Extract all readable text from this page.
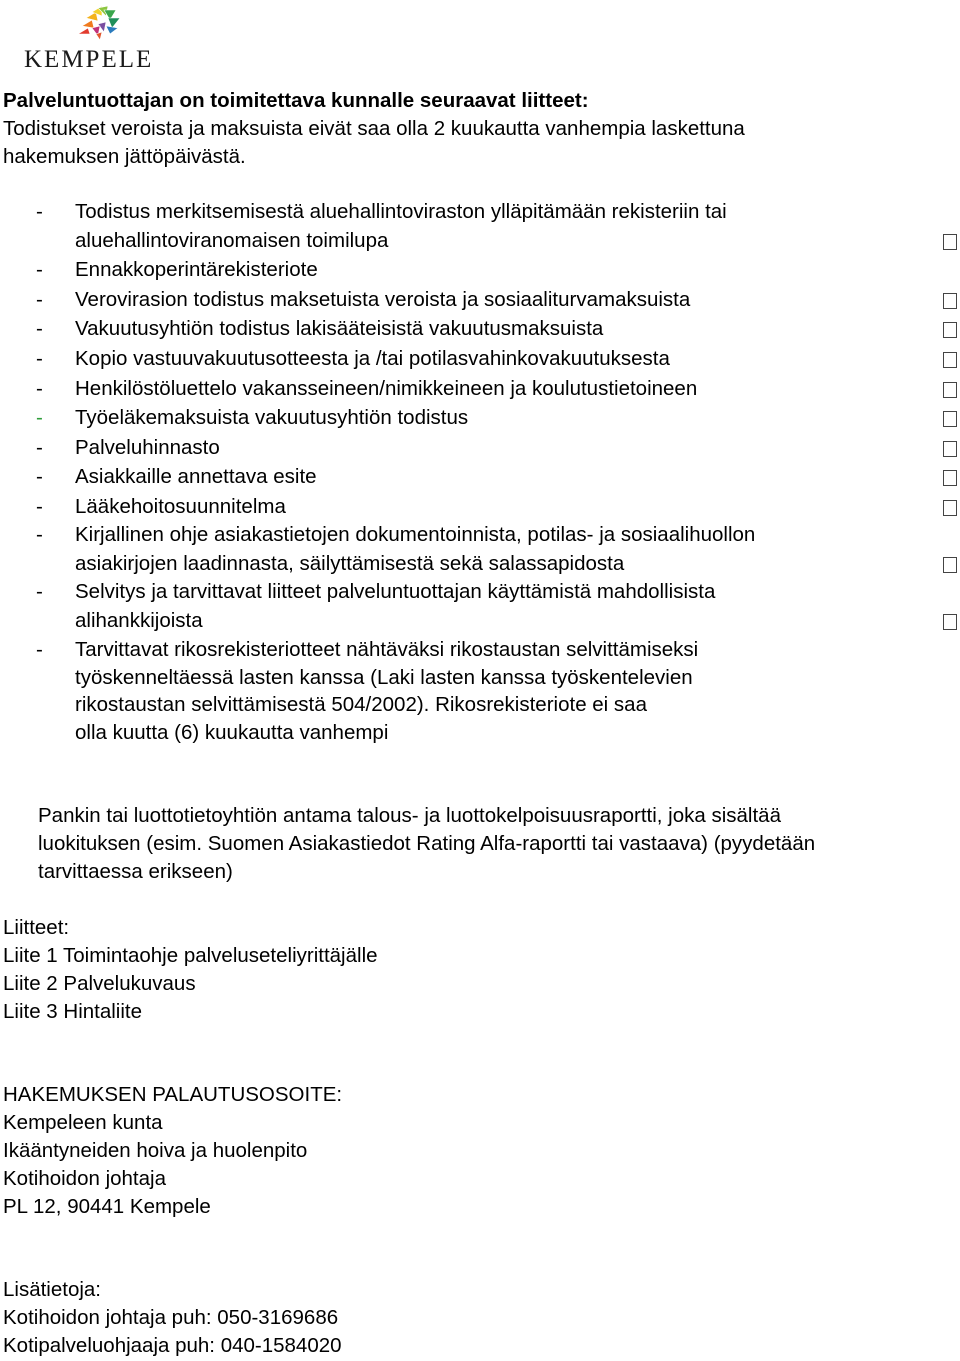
KEMPELE
Palveluntuottajan on toimitettava kunnalle seuraavat liitteet:
Todistukset veroista ja maksuista eivät saa olla 2 kuukautta vanhempia laskettuna
hakemuksen jättöpäivästä.
- Todistus merkitsemisestä aluehallintoviraston ylläpitämään rekisteriin tai
aluehallintoviranomaisen toimilupa
- Ennakkoperintärekisteriote
- Verovirasion todistus maksetuista veroista ja sosiaaliturvamaksuista
- Vakuutusyhtiön todistus lakisääteisistä vakuutusmaksuista
- Kopio vastuuvakuutusotteesta ja /tai potilasvahinkovakuutuksesta
- Henkilöstöluettelo vakansseineen/nimikkeineen ja koulutustietoineen
- Työeläkemaksuista vakuutusyhtiön todistus
- Palveluhinnasto
- Asiakkaille annettava esite
- Lääkehoitosuunnitelma
- Kirjallinen ohje asiakastietojen dokumentoinnista, potilas- ja sosiaalihuollon
asiakirjojen laadinnasta, säilyttämisestä sekä salassapidosta
- Selvitys ja tarvittavat liitteet palveluntuottajan käyttämistä mahdollisista
alihankkijoista
- Tarvittavat rikosrekisteriotteet nähtäväksi rikostaustan selvittämiseksi
työskenneltäessä lasten kanssa (Laki lasten kanssa työskentelevien
rikostaustan selvittämisestä 504/2002). Rikosrekisteriote ei saa
olla kuutta (6) kuukautta vanhempi
Pankin tai luottotietoyhtiön antama talous- ja luottokelpoisuusraportti, joka sisältää
luokituksen (esim. Suomen Asiakastiedot Rating Alfa-raportti tai vastaava) (pyydetään
tarvittaessa erikseen)
Liitteet:
Liite 1 Toimintaohje palveluseteliyrittäjälle
Liite 2 Palvelukuvaus
Liite 3 Hintaliite
HAKEMUKSEN PALAUTUSOSOITE:
Kempeleen kunta
Ikääntyneiden hoiva ja huolenpito
Kotihoidon johtaja
PL 12, 90441 Kempele
Lisätietoja:
Kotihoidon johtaja puh: 050-3169686
Kotipalveluohjaaja puh: 040-1584020
